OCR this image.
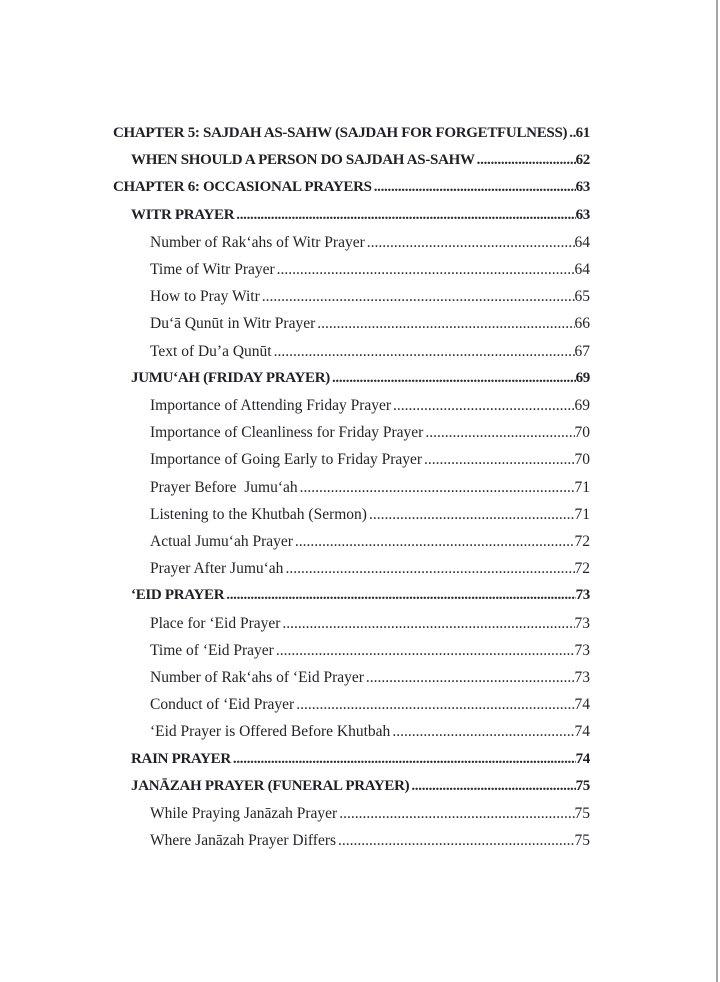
CHAPTER 5: SAJDAH AS-SAHW (SAJDAH FOR FORGETFULNESS) ..... 61
WHEN SHOULD A PERSON DO SAJDAH AS-SAHW .....	62
CHAPTER 6: OCCASIONAL PRAYERS .....	63
WITR PRAYER .....	63
Number of Rak‘ahs of Witr Prayer .....	64
Time of Witr Prayer .....	64
How to Pray Witr .....	65
Du‘ā Qunūt in Witr Prayer .....	66
Text of Du’a Qunūt .....	67
JUMU‘AH (FRIDAY PRAYER) .....	69
Importance of Attending Friday Prayer .....	69
Importance of Cleanliness for Friday Prayer .....	70
Importance of Going Early to Friday Prayer .....	70
Prayer Before  Jumu‘ah .....	71
Listening to the Khutbah (Sermon) .....	71
Actual Jumu‘ah Prayer .....	72
Prayer After Jumu‘ah .....	72
‘EID PRAYER .....	73
Place for ‘Eid Prayer .....	73
Time of ‘Eid Prayer .....	73
Number of Rak‘ahs of ‘Eid Prayer .....	73
Conduct of ‘Eid Prayer .....	74
‘Eid Prayer is Offered Before Khutbah .....	74
RAIN PRAYER .....	74
JANĀZAH PRAYER (FUNERAL PRAYER) .....	75
While Praying Janāzah Prayer .....	75
Where Janāzah Prayer Differs .....	75
